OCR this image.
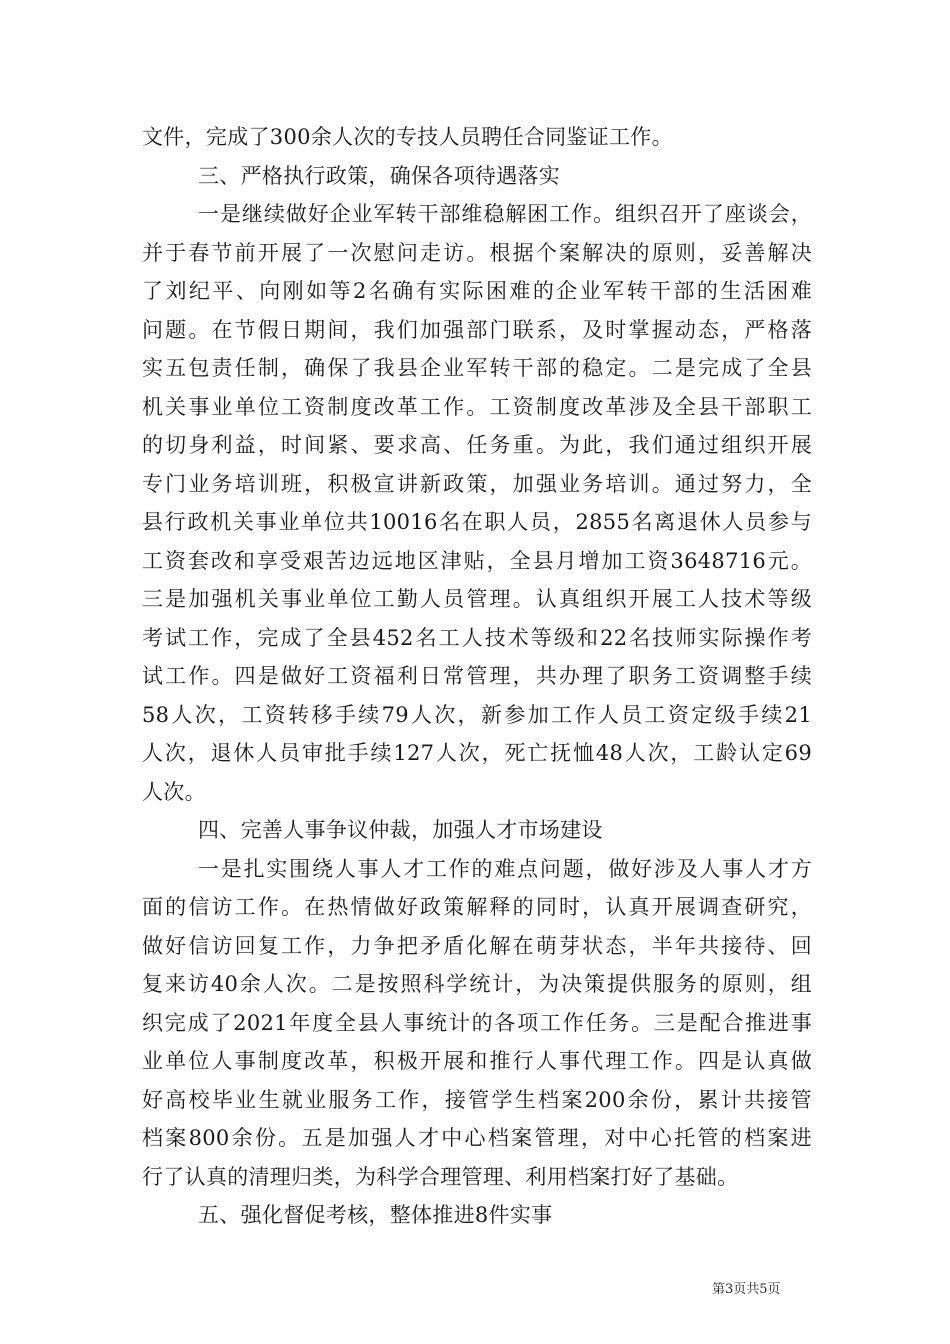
文件，完成了300余人次的专技人员聘任合同鉴证工作。
三、严格执行政策，确保各项待遇落实
一是继续做好企业军转干部维稳解困工作。组织召开了座谈会，
并于春节前开展了一次慰问走访。根据个案解决的原则，妥善解决
了刘纪平、向刚如等2名确有实际困难的企业军转干部的生活困难
问题。在节假日期间，我们加强部门联系，及时掌握动态，严格落
实五包责任制，确保了我县企业军转干部的稳定。二是完成了全县
机关事业单位工资制度改革工作。工资制度改革涉及全县干部职工
的切身利益，时间紧、要求高、任务重。为此，我们通过组织开展
专门业务培训班，积极宣讲新政策，加强业务培训。通过努力，全
县行政机关事业单位共10016名在职人员，2855名离退休人员参与
工资套改和享受艰苦边远地区津贴，全县月增加工资3648716元。
三是加强机关事业单位工勤人员管理。认真组织开展工人技术等级
考试工作，完成了全县452名工人技术等级和22名技师实际操作考
试工作。四是做好工资福利日常管理，共办理了职务工资调整手续
58人次，工资转移手续79人次，新参加工作人员工资定级手续21
人次，退休人员审批手续127人次，死亡抚恤48人次，工龄认定69
人次。
四、完善人事争议仲裁，加强人才市场建设
一是扎实围绕人事人才工作的难点问题，做好涉及人事人才方
面的信访工作。在热情做好政策解释的同时，认真开展调查研究，
做好信访回复工作，力争把矛盾化解在萌芽状态，半年共接待、回
复来访40余人次。二是按照科学统计，为决策提供服务的原则，组
织完成了2021年度全县人事统计的各项工作任务。三是配合推进事
业单位人事制度改革，积极开展和推行人事代理工作。四是认真做
好高校毕业生就业服务工作，接管学生档案200余份，累计共接管
档案800余份。五是加强人才中心档案管理，对中心托管的档案进
行了认真的清理归类，为科学合理管理、利用档案打好了基础。
五、强化督促考核，整体推进8件实事
第3页共5页
